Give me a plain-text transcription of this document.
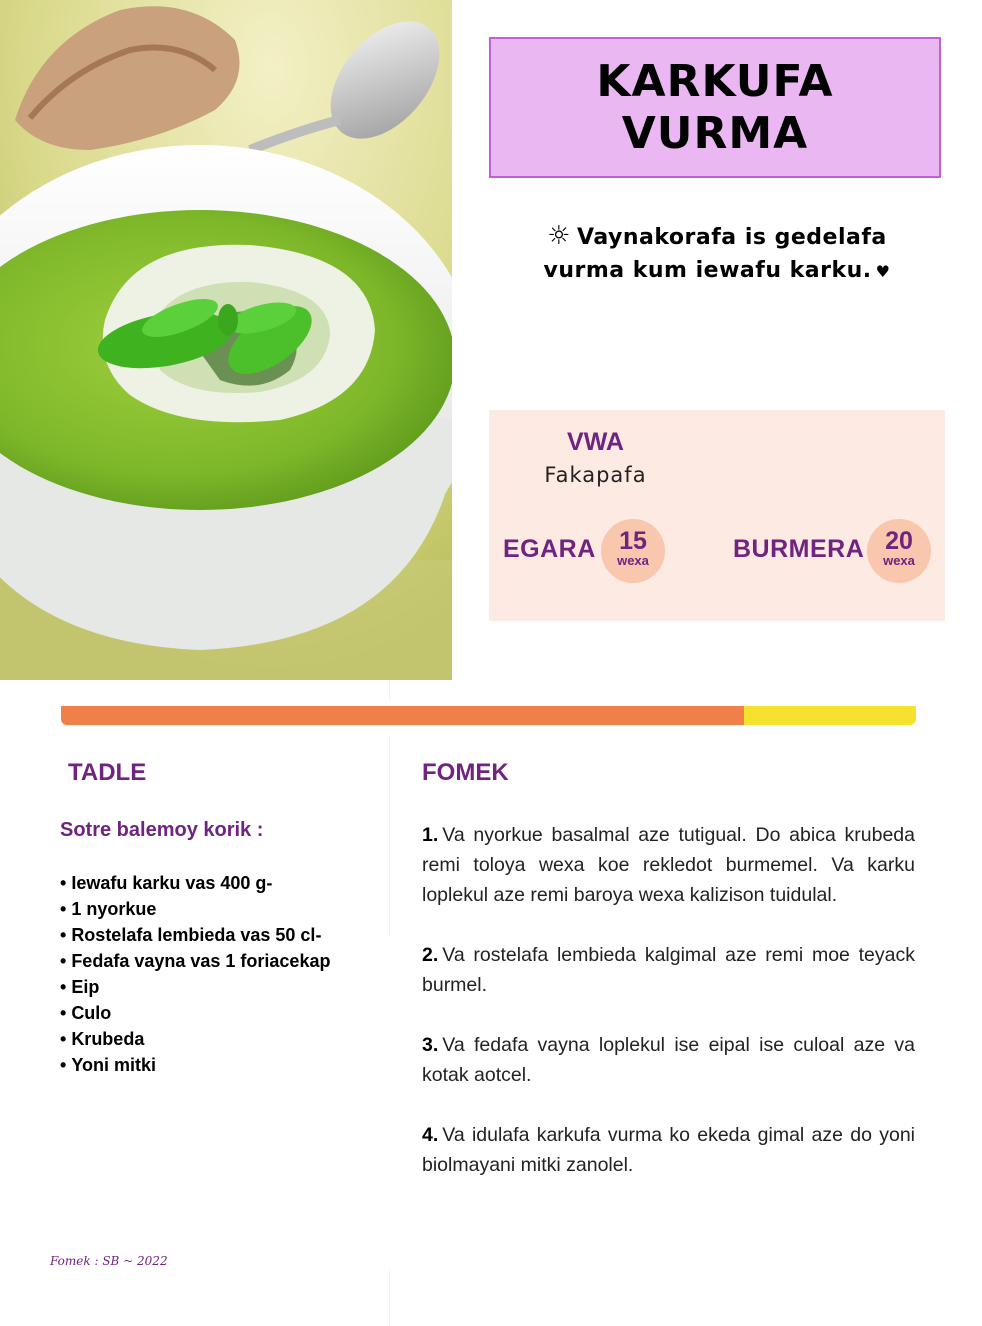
KARKUFA
VURMA
☼ Vaynakorafa is gedelafa
vurma kum iewafu karku. ♥
VWA
Fakapafa
EGARA 15
wexa	BURMERA 20
wexa
TADLE
Sotre balemoy korik :
• Iewafu karku vas 400 g-
• 1 nyorkue
• Rostelafa lembieda vas 50 cl-
• Fedafa vayna vas 1 foriacekap
• Eip
• Culo
• Krubeda
• Yoni mitki
FOMEK

1. Va nyorkue basalmal aze tutigual. Do abica krubeda remi toloya wexa koe rekledot burmemel. Va karku loplekul aze remi baroya wexa kalizison tuidulal.

2. Va rostelafa lembieda kalgimal aze remi moe teyack burmel.

3. Va fedafa vayna loplekul ise eipal ise culoal aze va kotak aotcel.

4. Va idulafa karkufa vurma ko ekeda gimal aze do yoni biolmayani mitki zanolel.

Fomek : SB ~ 2022
